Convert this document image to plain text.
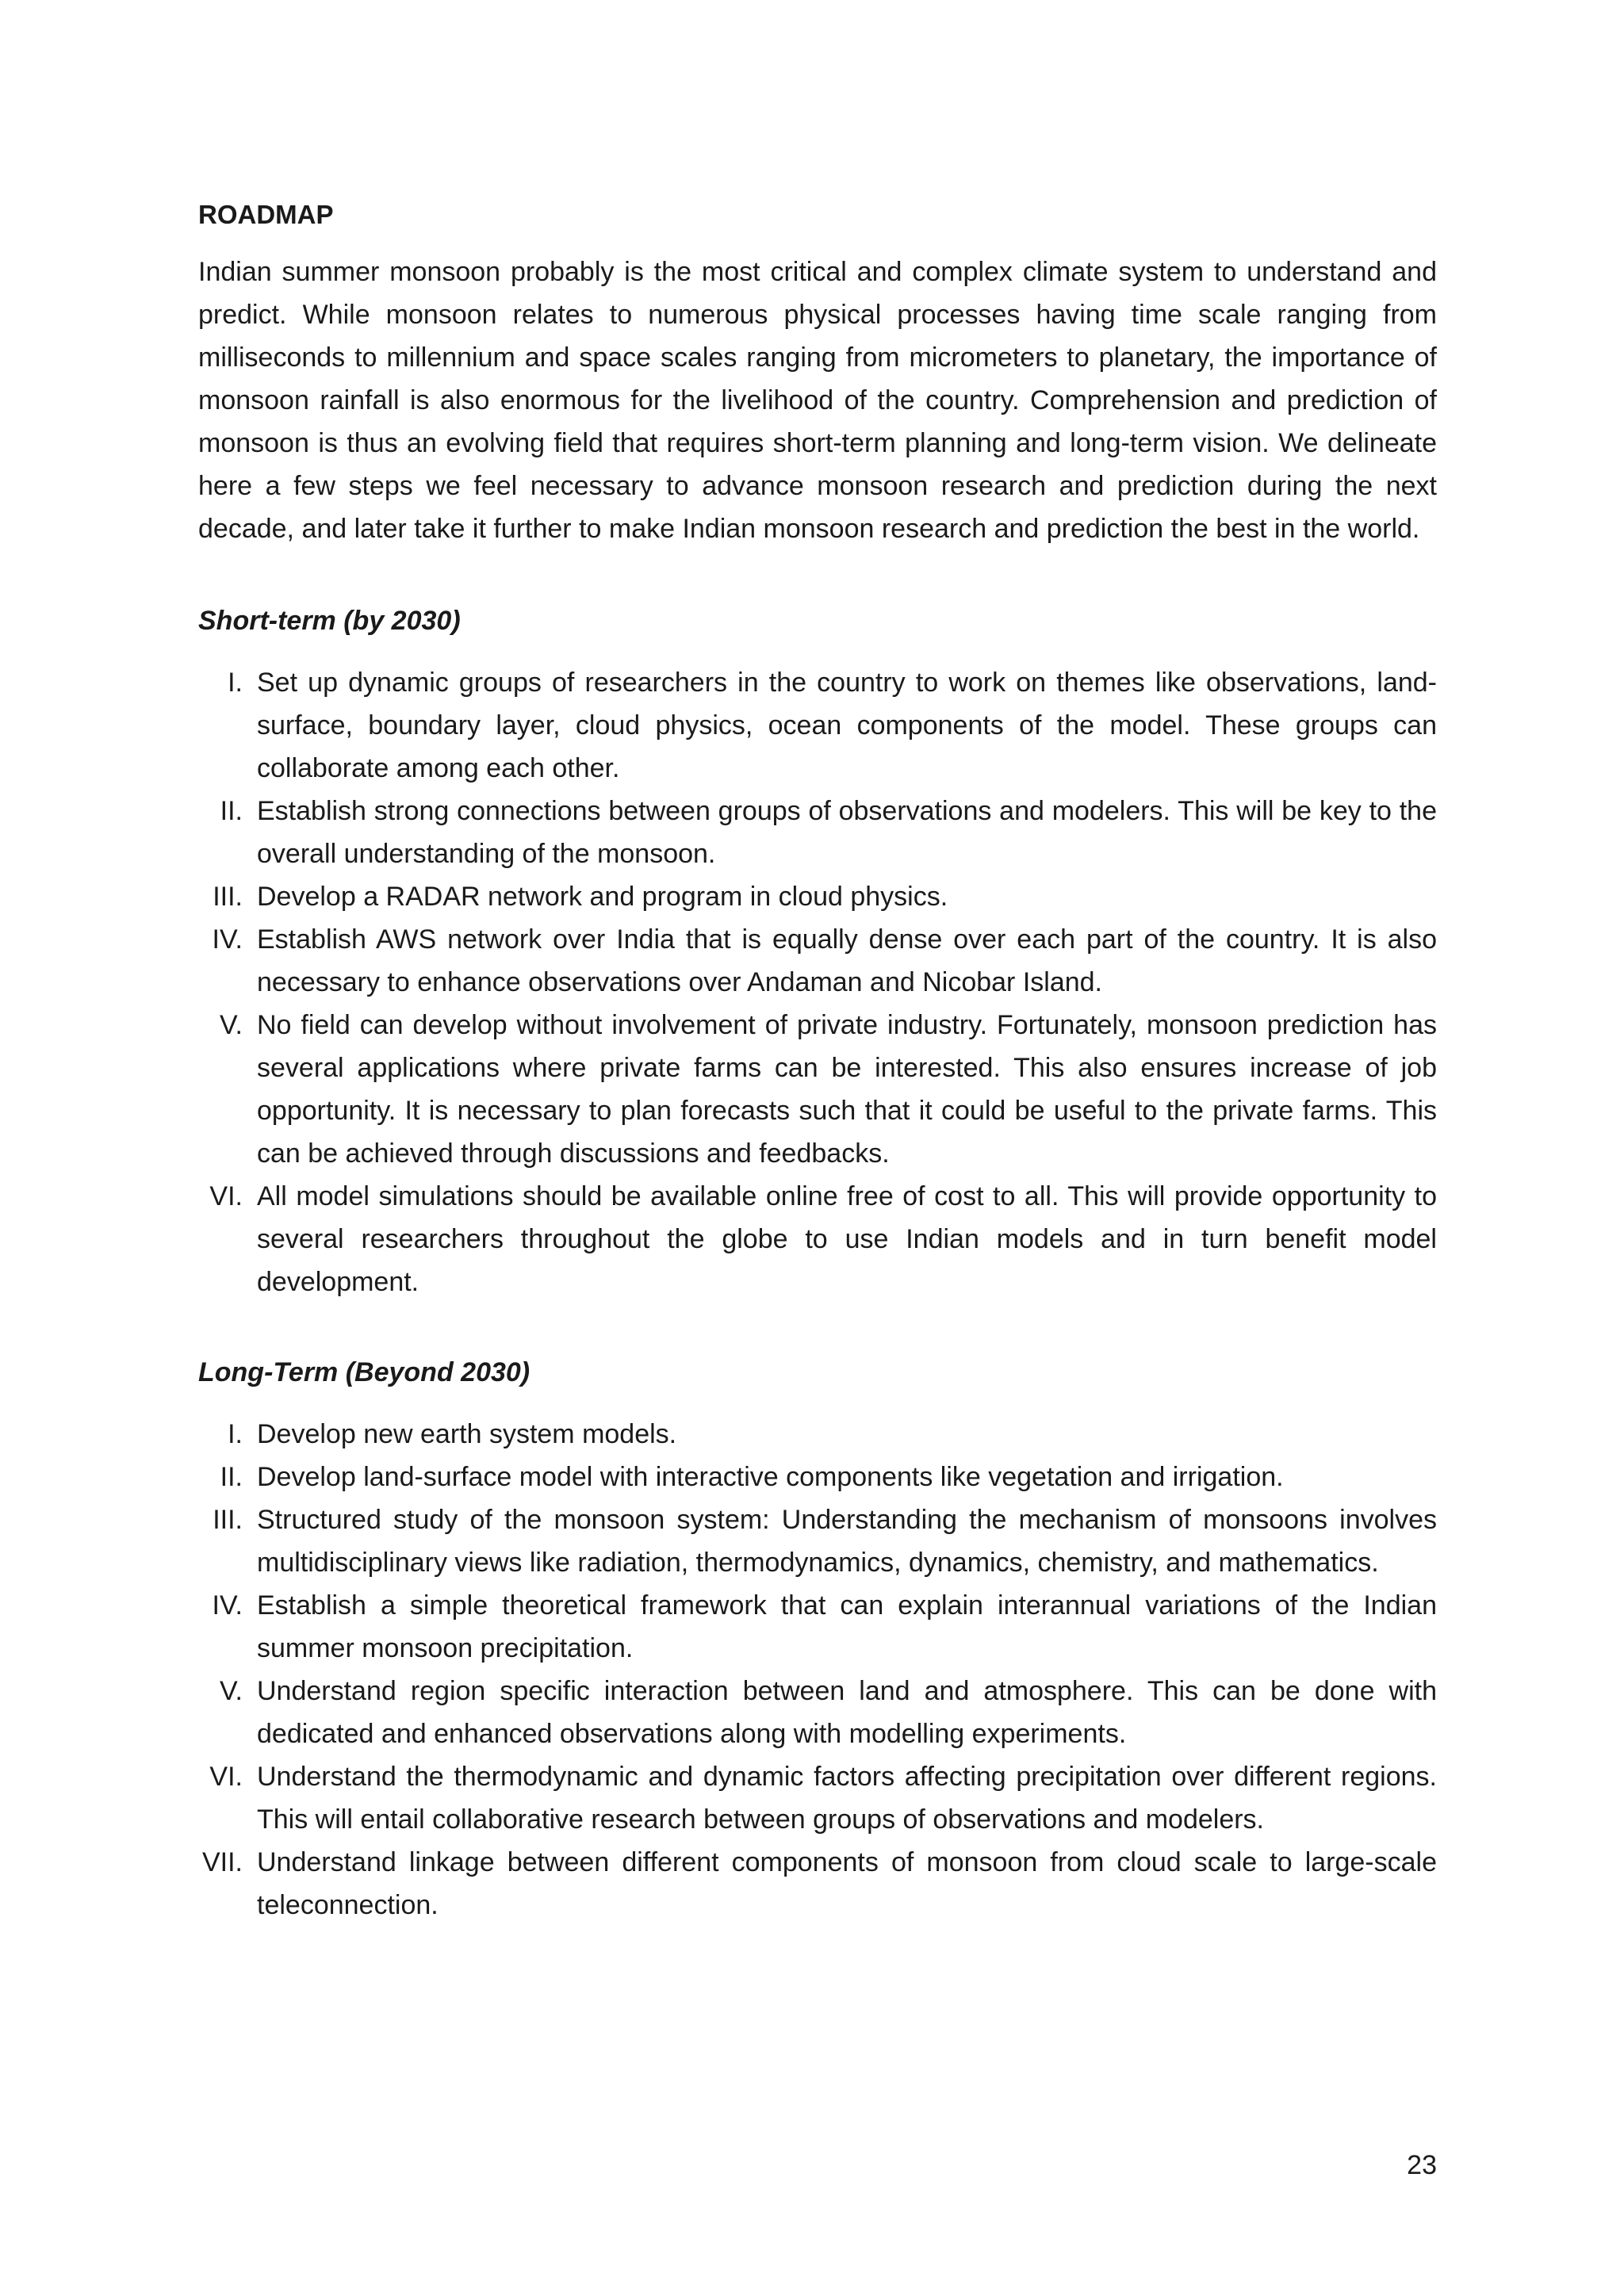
ROADMAP

Indian summer monsoon probably is the most critical and complex climate system to understand and predict. While monsoon relates to numerous physical processes having time scale ranging from milliseconds to millennium and space scales ranging from micrometers to planetary, the importance of monsoon rainfall is also enormous for the livelihood of the country. Comprehension and prediction of monsoon is thus an evolving field that requires short-term planning and long-term vision. We delineate here a few steps we feel necessary to advance monsoon research and prediction during the next decade, and later take it further to make Indian monsoon research and prediction the best in the world.

Short-term (by 2030)
I. Set up dynamic groups of researchers in the country to work on themes like observations, land-surface, boundary layer, cloud physics, ocean components of the model. These groups can collaborate among each other.
II. Establish strong connections between groups of observations and modelers. This will be key to the overall understanding of the monsoon.
III. Develop a RADAR network and program in cloud physics.
IV. Establish AWS network over India that is equally dense over each part of the country. It is also necessary to enhance observations over Andaman and Nicobar Island.
V. No field can develop without involvement of private industry. Fortunately, monsoon prediction has several applications where private farms can be interested. This also ensures increase of job opportunity. It is necessary to plan forecasts such that it could be useful to the private farms. This can be achieved through discussions and feedbacks.
VI. All model simulations should be available online free of cost to all. This will provide opportunity to several researchers throughout the globe to use Indian models and in turn benefit model development.
Long-Term (Beyond 2030)
I. Develop new earth system models.
II. Develop land-surface model with interactive components like vegetation and irrigation.
III. Structured study of the monsoon system: Understanding the mechanism of monsoons involves multidisciplinary views like radiation, thermodynamics, dynamics, chemistry, and mathematics.
IV. Establish a simple theoretical framework that can explain interannual variations of the Indian summer monsoon precipitation.
V. Understand region specific interaction between land and atmosphere. This can be done with dedicated and enhanced observations along with modelling experiments.
VI. Understand the thermodynamic and dynamic factors affecting precipitation over different regions. This will entail collaborative research between groups of observations and modelers.
VII. Understand linkage between different components of monsoon from cloud scale to large-scale teleconnection.
23
